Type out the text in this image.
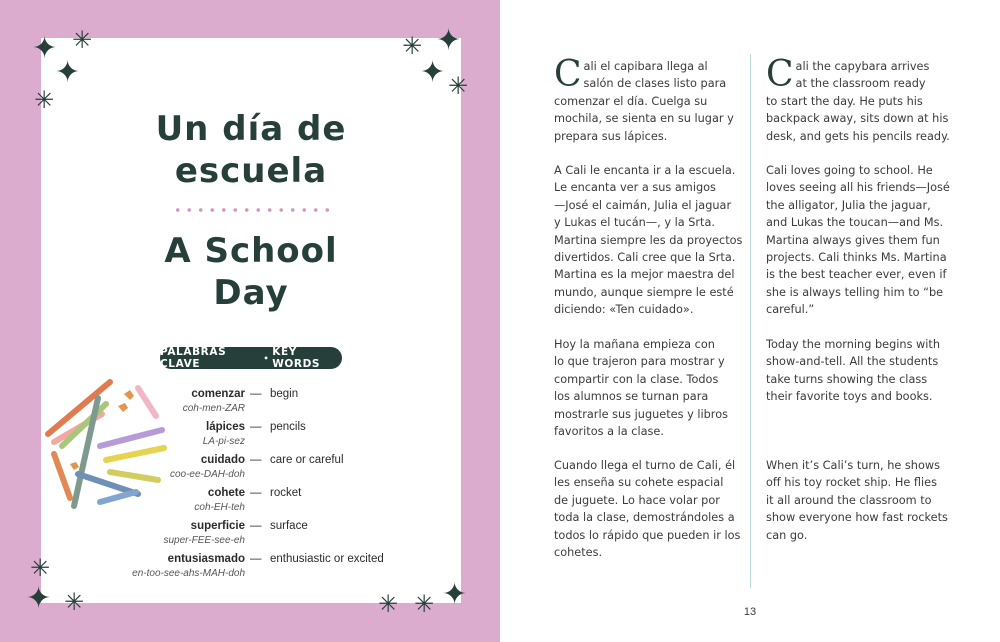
✦ ✳
✦
✳
✳ ✦
✦ ✳
✳
✦ ✳	✳ ✳ ✦
Un día de
escuela
A School
Day
PALABRAS CLAVE	• KEY WORDS
comenzar
coh-men-ZAR
— begin
lápices
LA-pi-sez
— pencils
cuidado
coo-ee-DAH-doh
— care or careful
cohete
coh-EH-teh
— rocket
superficie
super-FEE-see-eh
— surface
entusiasmado
en-too-see-ahs-MAH-doh
— enthusiastic or excited
C ali el capibara llega al
salón de clases listo para
comenzar el día. Cuelga su
mochila, se sienta en su lugar y
prepara sus lápices.
A Cali le encanta ir a la escuela.
Le encanta ver a sus amigos
—José el caimán, Julia el jaguar
y Lukas el tucán—, y la Srta.
Martina siempre les da proyectos
divertidos. Cali cree que la Srta.
Martina es la mejor maestra del
mundo, aunque siempre le esté
diciendo: «Ten cuidado».
Hoy la mañana empieza con
lo que trajeron para mostrar y
compartir con la clase. Todos
los alumnos se turnan para
mostrarle sus juguetes y libros
favoritos a la clase.
Cuando llega el turno de Cali, él
les enseña su cohete espacial
de juguete. Lo hace volar por
toda la clase, demostrándoles a
todos lo rápido que pueden ir los
cohetes.
C ali the capybara arrives
at the classroom ready
to start the day. He puts his
backpack away, sits down at his
desk, and gets his pencils ready.
Cali loves going to school. He
loves seeing all his friends—José
the alligator, Julia the jaguar,
and Lukas the toucan—and Ms.
Martina always gives them fun
projects. Cali thinks Ms. Martina
is the best teacher ever, even if
she is always telling him to “be
careful.”
Today the morning begins with
show-and-tell. All the students
take turns showing the class
their favorite toys and books.
When it’s Cali’s turn, he shows
off his toy rocket ship. He flies
it all around the classroom to
show everyone how fast rockets
can go.
13
